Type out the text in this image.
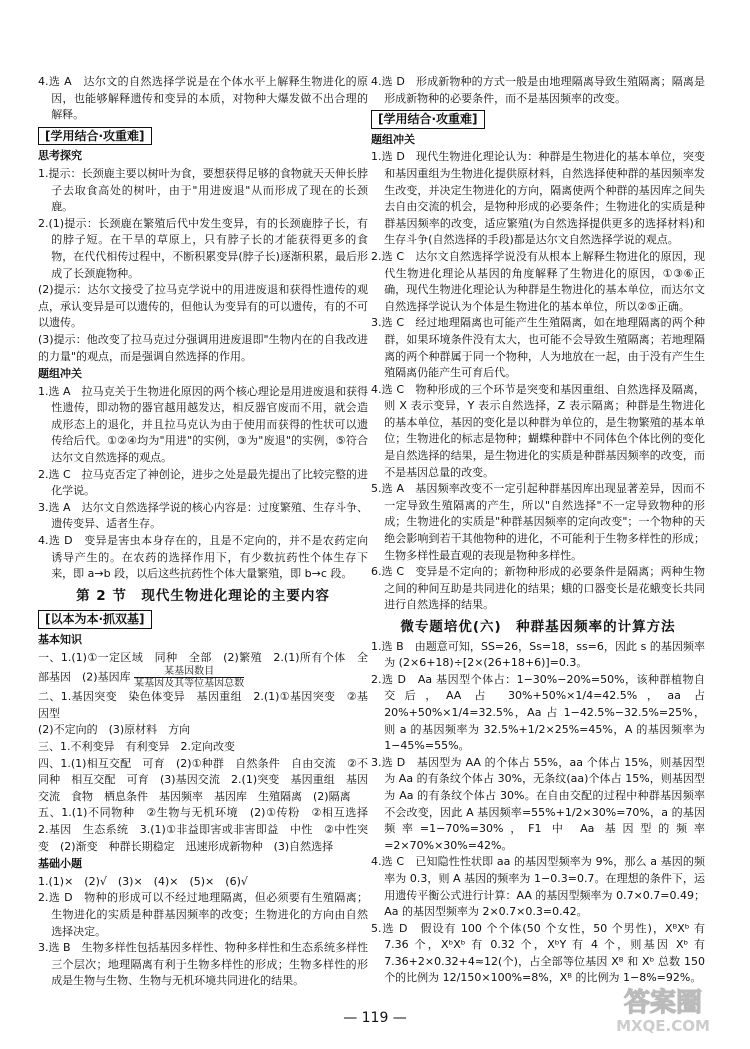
4.选 A　达尔文的自然选择学说是在个体水平上解释生物进化的原因，也能够解释遗传和变异的本质，对物种大爆发做不出合理的解释。

[学用结合·攻重难]
思考探究

1.提示：长颈鹿主要以树叶为食，要想获得足够的食物就天天伸长脖子去取食高处的树叶，由于"用进废退"从而形成了现在的长颈鹿。

2.(1)提示：长颈鹿在繁殖后代中发生变异，有的长颈鹿脖子长，有的脖子短。在干旱的草原上，只有脖子长的才能获得更多的食物，在代代相传过程中，不断积累变异(脖子长)逐渐积累，最后形成了长颈鹿物种。

(2)提示：达尔文接受了拉马克学说中的用进废退和获得性遗传的观点，承认变异是可以遗传的，但他认为变异有的可以遗传，有的不可以遗传。

(3)提示：他改变了拉马克过分强调用进废退即"生物内在的自我改进的力量"的观点，而是强调自然选择的作用。

题组冲关

1.选 A　拉马克关于生物进化原因的两个核心理论是用进废退和获得性遗传，即动物的器官越用越发达，相反器官废而不用，就会造成形态上的退化，并且拉马克认为由于使用而获得的性状可以遗传给后代。①②④均为"用进"的实例，③为"废退"的实例，⑤符合达尔文自然选择的观点。

2.选 C　拉马克否定了神创论，进步之处是最先提出了比较完整的进化学说。

3.选 A　达尔文自然选择学说的核心内容是：过度繁殖、生存斗争、遗传变异、适者生存。

4.选 D　变异是害虫本身存在的，且是不定向的，并不是农药定向诱导产生的。在农药的选择作用下，有少数抗药性个体生存下来，即 a→b 段，以后这些抗药性个体大量繁殖，即 b→c 段。

第 2 节　现代生物进化理论的主要内容
[以本为本·抓双基]
基本知识

一、1.(1)①一定区域　同种　全部　(2)繁殖　2.(1)所有个体　全部基因　(2)基因库 $\frac{\text{某基因数目}}{\text{某基因及其等位基因总数}}$

二、1.基因突变　染色体变异　基因重组　2.(1)①基因突变　②基因型

(2)不定向的　(3)原材料　方向

三、1.不利变异　有利变异　2.定向改变

四、1.(1)相互交配　可育　(2)①种群　自然条件　自由交流　②不同种　相互交配　可育　(3)基因交流　2.(1)突变　基因重组　基因交流　食物　栖息条件　基因频率　基因库　生殖隔离　(2)隔离

五、1.(1)不同物种　②生物与无机环境　(2)①传粉　②相互选择　2.基因　生态系统　3.(1)①非益即害或非害即益　中性　②中性突变　(2)渐变　种群长期稳定　迅速形成新物种　(3)自然选择

基础小题

1.(1)×　(2)√　(3)×　(4)×　(5)×　(6)√

2.选 D　物种的形成可以不经过地理隔离，但必须要有生殖隔离；生物进化的实质是种群基因频率的改变；生物进化的方向由自然选择决定。

3.选 B　生物多样性包括基因多样性、物种多样性和生态系统多样性三个层次；地理隔离有利于生物多样性的形成；生物多样性的形成是生物与生物、生物与无机环境共同进化的结果。

4.选 D　形成新物种的方式一般是由地理隔离导致生殖隔离；隔离是形成新物种的必要条件，而不是基因频率的改变。

[学用结合·攻重难]
题组冲关

1.选 D　现代生物进化理论认为：种群是生物进化的基本单位，突变和基因重组为生物进化提供原材料，自然选择使种群的基因频率发生改变，并决定生物进化的方向，隔离使两个种群的基因库之间失去自由交流的机会，是物种形成的必要条件；生物进化的实质是种群基因频率的改变，适应繁殖(为自然选择提供更多的选择材料)和生存斗争(自然选择的手段)都是达尔文自然选择学说的观点。

2.选 C　达尔文自然选择学说没有从根本上解释生物进化的原因，现代生物进化理论从基因的角度解释了生物进化的原因，①③⑥正确，现代生物进化理论认为种群是生物进化的基本单位，而达尔文自然选择学说认为个体是生物进化的基本单位，所以②⑤正确。

3.选 C　经过地理隔离也可能产生生殖隔离，如在地理隔离的两个种群，如果环境条件没有太大，也可能不会导致生殖隔离；若地理隔离的两个种群属于同一个物种，人为地放在一起，由于没有产生生殖隔离仍能产生可育后代。

4.选 C　物种形成的三个环节是突变和基因重组、自然选择及隔离，则 X 表示变异，Y 表示自然选择，Z 表示隔离；种群是生物进化的基本单位，基因的变化是以种群为单位的，是生物繁殖的基本单位；生物进化的标志是物种；蝴蝶种群中不同体色个体比例的变化是自然选择的结果，是生物进化的实质是种群基因频率的改变，而不是基因总量的改变。

5.选 A　基因频率改变不一定引起种群基因库出现显著差异，因而不一定导致生殖隔离的产生，所以"自然选择"不一定导致物种的形成；生物进化的实质是"种群基因频率的定向改变"；一个物种的天绝会影响到若干其他物种的进化，不可能利于生物多样性的形成；生物多样性最直观的表现是物种多样性。

6.选 C　变异是不定向的；新物种形成的必要条件是隔离；两种生物之间的种间互助是共同进化的结果；蛾的口器变长是花蛾变长共同进行自然选择的结果。

微专题培优(六)　种群基因频率的计算方法

1.选 B　由题意可知，SS=26，Ss=18，ss=6，因此 s 的基因频率为 (2×6+18)÷[2×(26+18+6)]=0.3。

2.选 D　Aa 基因型个体占：1−30%−20%=50%，该种群植物自交后，AA 占 30%+50%×1/4=42.5%，aa 占 20%+50%×1/4=32.5%，Aa 占 1−42.5%−32.5%=25%，则 a 的基因频率为 32.5%+1/2×25%=45%，A 的基因频率为 1−45%=55%。

3.选 D　基因型为 AA 的个体占 55%，aa 个体占 15%，则基因型为 Aa 的有条纹个体占 30%，无条纹(aa)个体占 15%，则基因型为 Aa 的有条纹个体占 30%。在自由交配的过程中种群基因频率不会改变，因此 A 基因频率=55%+1/2×30%=70%，a 的基因频率=1−70%=30%，F1 中 Aa 基因型的频率=2×70%×30%=42%。

4.选 C　已知隐性性状即 aa 的基因型频率为 9%，那么 a 基因的频率为 0.3，则 A 基因的频率为 1−0.3=0.7。在理想的条件下，运用遗传平衡公式进行计算：AA 的基因型频率为 0.7×0.7=0.49；Aa 的基因型频率为 2×0.7×0.3=0.42。

5.选 D　假设有 100 个个体(50 个女性，50 个男性)，XᴮXᵇ 有 7.36 个，XᵇXᵇ 有 0.32 个，XᵇY 有 4 个，则基因 Xᵇ 有 7.36+2×0.32+4≈12(个)，占全部等位基因 Xᴮ 和 Xᵇ 总数 150 个的比例为 12/150×100%=8%，Xᴮ 的比例为 1−8%=92%。

— 119 —	答案圈
MXQE.COM
